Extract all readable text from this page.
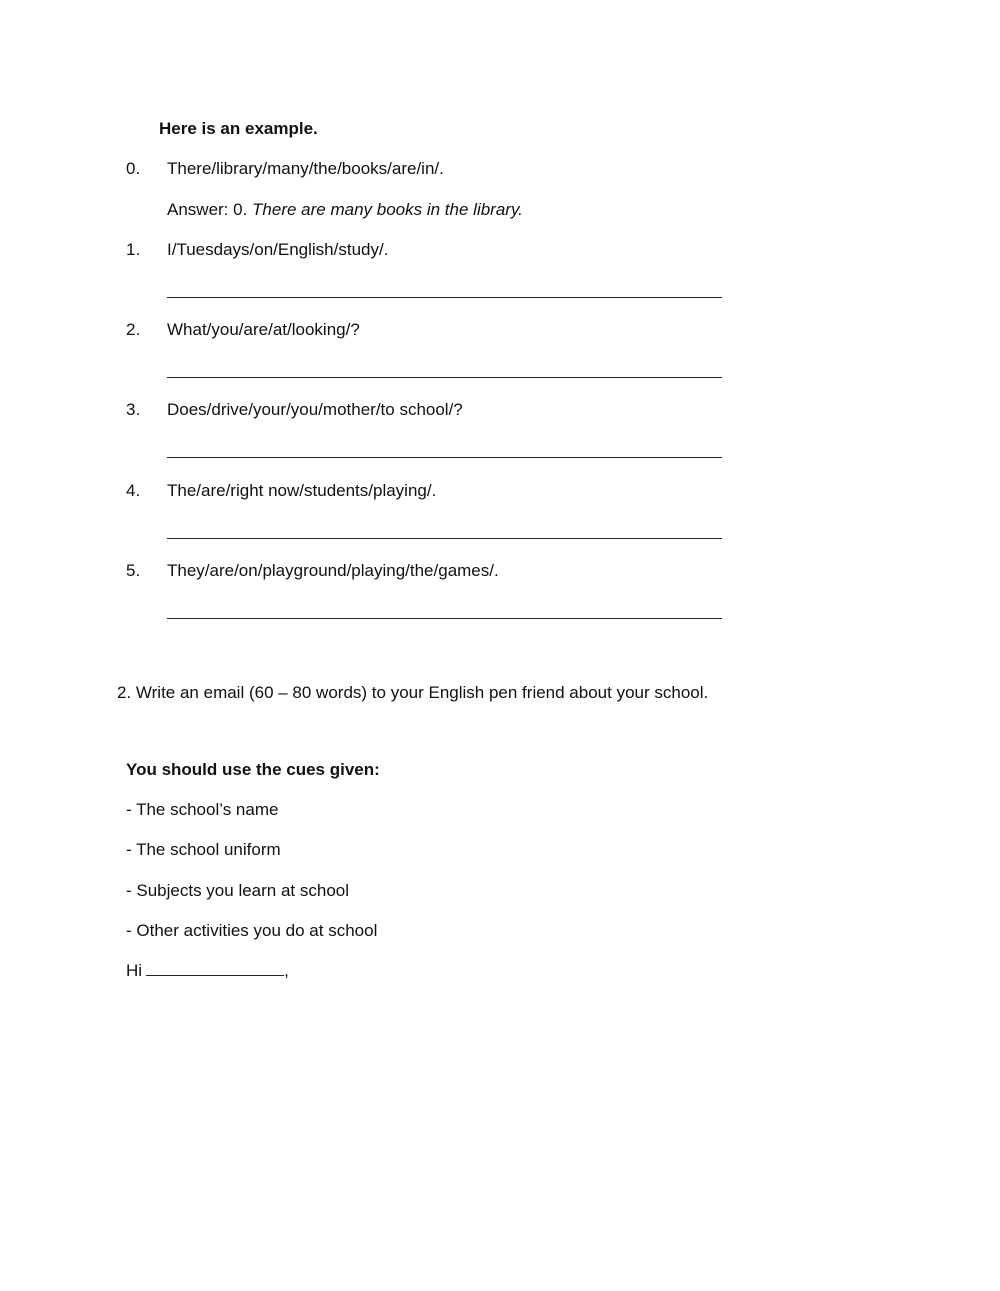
Here is an example.
0.	There/library/many/the/books/are/in/.
Answer: 0. There are many books in the library.
1.	I/Tuesdays/on/English/study/.
2.	What/you/are/at/looking/?
3.	Does/drive/your/you/mother/to school/?
4.	The/are/right now/students/playing/.
5.	They/are/on/playground/playing/the/games/.
2. Write an email (60 – 80 words) to your English pen friend about your school.
You should use the cues given:
- The school’s name
- The school uniform
- Subjects you learn at school
- Other activities you do at school
Hi	,
